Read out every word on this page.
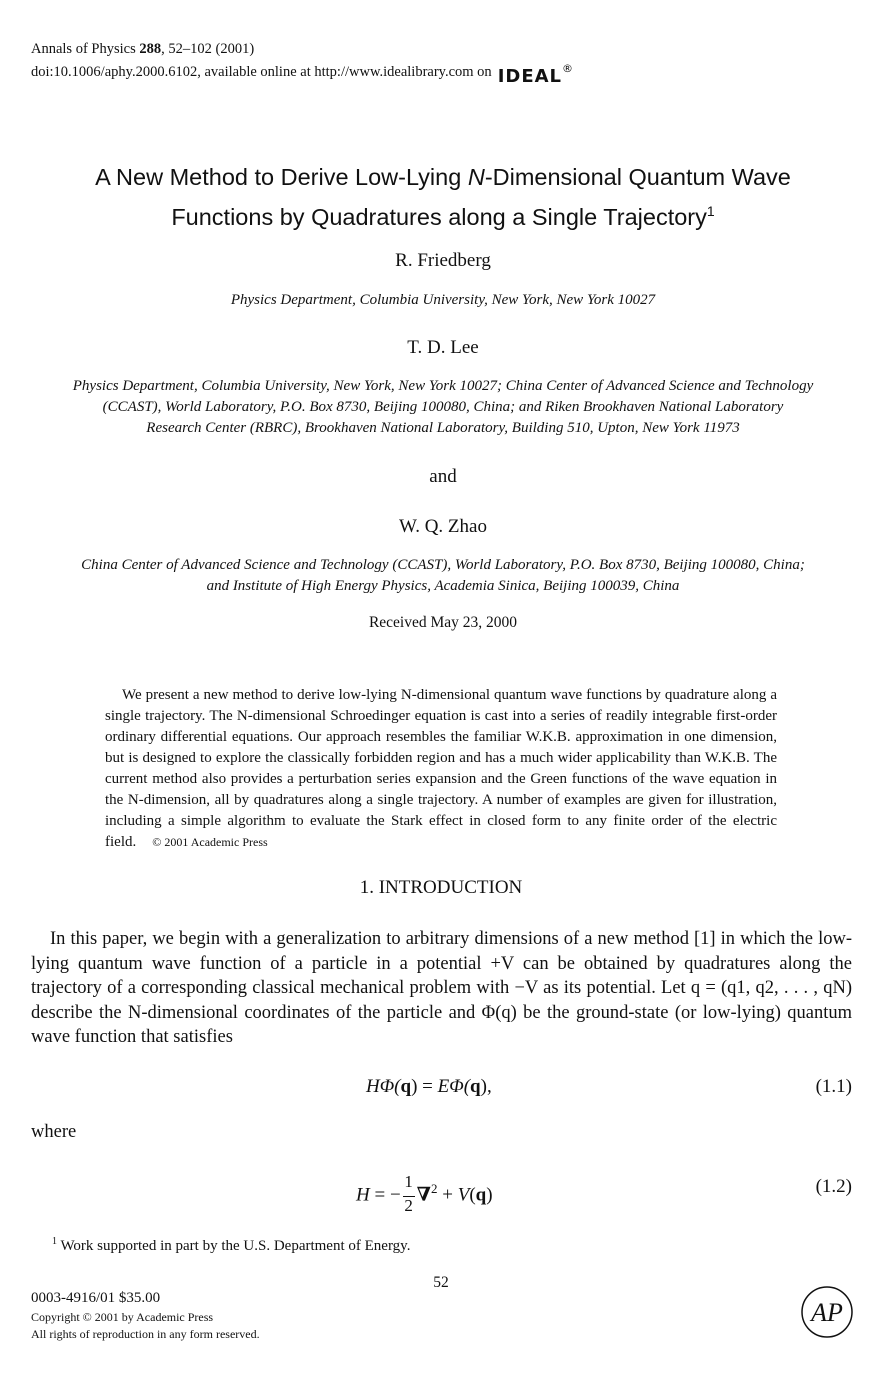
Annals of Physics 288, 52–102 (2001)
doi:10.1006/aphy.2000.6102, available online at http://www.idealibrary.com on IDEAL®
A New Method to Derive Low-Lying N-Dimensional Quantum Wave
Functions by Quadratures along a Single Trajectory$^1$
R. Friedberg
Physics Department, Columbia University, New York, New York 10027
T. D. Lee
Physics Department, Columbia University, New York, New York 10027; China Center of Advanced Science and Technology
(CCAST), World Laboratory, P.O. Box 8730, Beijing 100080, China; and Riken Brookhaven National Laboratory
Research Center (RBRC), Brookhaven National Laboratory, Building 510, Upton, New York 11973
and
W. Q. Zhao
China Center of Advanced Science and Technology (CCAST), World Laboratory, P.O. Box 8730, Beijing 100080, China;
and Institute of High Energy Physics, Academia Sinica, Beijing 100039, China
Received May 23, 2000
We present a new method to derive low-lying N-dimensional quantum wave functions by quadrature along a single trajectory. The N-dimensional Schroedinger equation is cast into a series of readily integrable first-order ordinary differential equations. Our approach resembles the familiar W.K.B. approximation in one dimension, but is designed to explore the classically forbidden region and has a much wider applicability than W.K.B. The current method also provides a perturbation series expansion and the Green functions of the wave equation in the N-dimension, all by quadratures along a single trajectory. A number of examples are given for illustration, including a simple algorithm to evaluate the Stark effect in closed form to any finite order of the electric field. © 2001 Academic Press
1. INTRODUCTION
In this paper, we begin with a generalization to arbitrary dimensions of a new method [1] in which the low-lying quantum wave function of a particle in a potential +V can be obtained by quadratures along the trajectory of a corresponding classical mechanical problem with −V as its potential. Let q = (q1, q2, . . . , qN) describe the N-dimensional coordinates of the particle and Φ(q) be the ground-state (or low-lying) quantum wave function that satisfies
HΦ(q) = EΦ(q),	(1.1)
where
H = − $\frac{1}{2} \nabla^2 + V(q)$	(1.2)
$^1$ Work supported in part by the U.S. Department of Energy.
52
0003-4916/01 $35.00
Copyright © 2001 by Academic Press
All rights of reproduction in any form reserved.
AP
